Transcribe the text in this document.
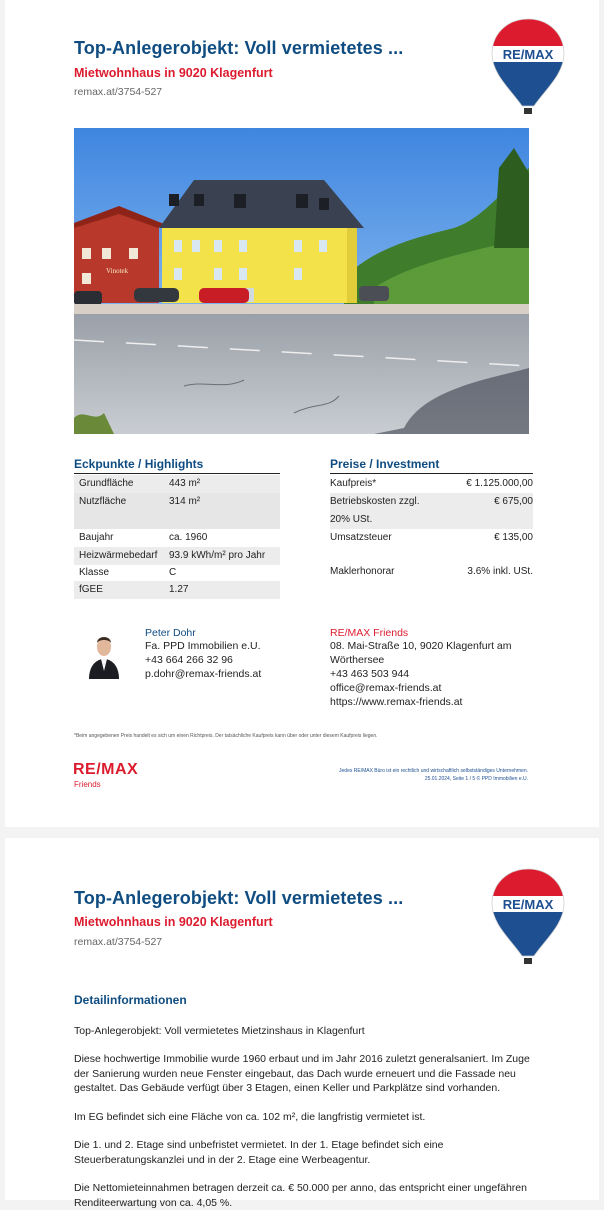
Top-Anlegerobjekt: Voll vermietetes ...
Mietwohnhaus in 9020 Klagenfurt
remax.at/3754-527
RE/MAX
Vinotek
Eckpunkte / Highlights
Grundfläche	443 m²
Nutzfläche	314 m²
Baujahr	ca. 1960
Heizwärmebedarf 93.9 kWh/m² pro Jahr
Klasse	C
fGEE	1.27
Preise / Investment
Kaufpreis*	€ 1.125.000,00
Betriebskosten zzgl.	€ 675,00
20% USt.
Umsatzsteuer	€ 135,00
Maklerhonorar	3.6% inkl. USt.
Peter Dohr
Fa. PPD Immobilien e.U.
+43 664 266 32 96
p.dohr@remax-friends.at
RE/MAX Friends
08. Mai-Straße 10, 9020 Klagenfurt am
Wörthersee
+43 463 503 944
office@remax-friends.at
https://www.remax-friends.at
*Beim angegebenen Preis handelt es sich um einen Richtpreis. Der tatsächliche Kaufpreis kann über oder unter diesem Kaufpreis liegen.
RE/MAX
Friends
Jedes RE/MAX Büro ist ein rechtlich und wirtschaftlich selbstständiges Unternehmen.
25.01.2024, Seite 1 / 5 © PPD Immobilien e.U.
Top-Anlegerobjekt: Voll vermietetes ...
Mietwohnhaus in 9020 Klagenfurt
remax.at/3754-527
RE/MAX
Detailinformationen
Top-Anlegerobjekt: Voll vermietetes Mietzinshaus in Klagenfurt
Diese hochwertige Immobilie wurde 1960 erbaut und im Jahr 2016 zuletzt generalsaniert. Im Zuge der Sanierung wurden neue Fenster eingebaut, das Dach wurde erneuert und die Fassade neu gestaltet. Das Gebäude verfügt über 3 Etagen, einen Keller und Parkplätze sind vorhanden.
Im EG befindet sich eine Fläche von ca. 102 m², die langfristig vermietet ist.
Die 1. und 2. Etage sind unbefristet vermietet. In der 1. Etage befindet sich eine Steuerberatungskanzlei und in der 2. Etage eine Werbeagentur.
Die Nettomieteinnahmen betragen derzeit ca. € 50.000 per anno, das entspricht einer ungefähren Renditeerwartung von ca. 4,05 %.
